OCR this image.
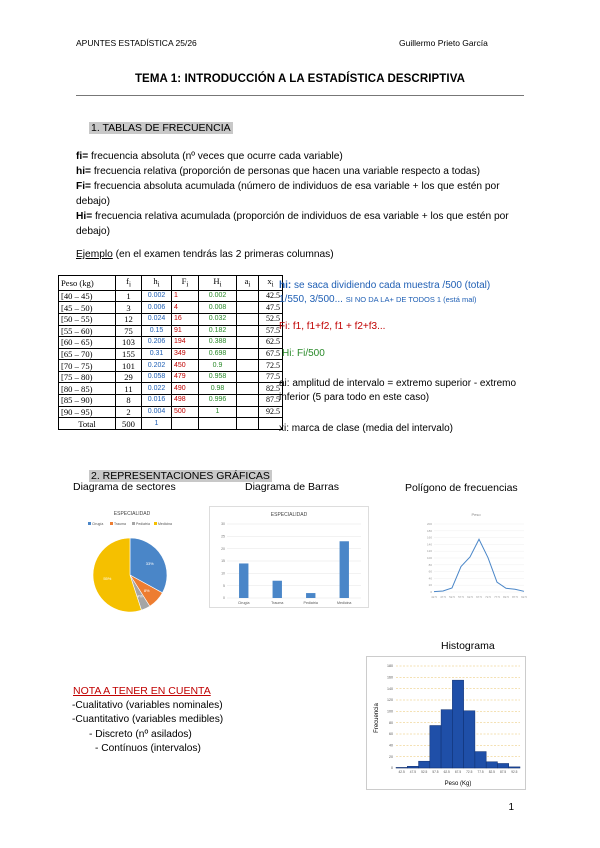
APUNTES ESTADÍSTICA 25/26	Guillermo Prieto García
TEMA 1: INTRODUCCIÓN A LA ESTADÍSTICA DESCRIPTIVA
1. TABLAS DE FRECUENCIA
fi= frecuencia absoluta (nº veces que ocurre cada variable)
hi= frecuencia relativa (proporción de personas que hacen una variable respecto a todas)
Fi= frecuencia absoluta acumulada (número de individuos de esa variable + los que estén por debajo)
Hi= frecuencia relativa acumulada (proporción de individuos de esa variable + los que estén por debajo)
Ejemplo (en el examen tendrás las 2 primeras columnas)
Peso (kg)	$f_i$	$h_i$	$F_i$	$H_i$	$a_i$	$x_i$
[40 – 45)	1	0.002	1	0.002		42.5
[45 – 50)	3	0.006	4	0.008		47.5
[50 – 55)	12	0.024	16	0.032		52.5
[55 – 60)	75	0.15	91	0.182		57.5
[60 – 65)	103	0.206	194	0.388		62.5
[65 – 70)	155	0.31	349	0.698		67.5
[70 – 75)	101	0.202	450	0.9		72.5
[75 – 80)	29	0.058	479	0.958		77.5
[80 – 85)	11	0.022	490	0.98		82.5
[85 – 90)	8	0.016	498	0.996		87.5
[90 – 95)	2	0.004	500	1		92.5
Total	500	1				
hi: se saca dividiendo cada muestra /500 (total)
1/550, 3/500... SI NO DA LA+ DE TODOS 1 (está mal)
Fi: f1, f1+f2, f1 + f2+f3...
Hi: Fi/500
ai: amplitud de intervalo = extremo superior - extremo inferior (5 para todo en este caso)
xi: marca de clase (media del intervalo)
2. REPRESENTACIONES GRÁFICAS
Diagrama de sectores	Diagrama de Barras	Polígono de frecuencias
Histograma
ESPECIALIDAD
Cirugía	Trauma	Pediatría Medicina
33%
8%
4%
55%
ESPECIALIDAD
0
5
10
15
20
25
30
Cirugía	Trauma	Pediatría	Medicina
Peso
0
20
40
60
80
100
120
140
160
180
200
42.5 47.5 52.5 57.5 62.5 67.5 72.5 77.5 82.5 87.5 92.5
0
20
40
60
80
100
120
140
160
180
42.5 47.5 52.5 57.5 62.5 67.5 72.5 77.5 82.5 87.5 92.5
Frecuencia
Peso (Kg)
NOTA A TENER EN CUENTA
-Cualitativo (variables nominales)
-Cuantitativo (variables medibles)
- Discreto (nº asilados)
- Contínuos (intervalos)
1
